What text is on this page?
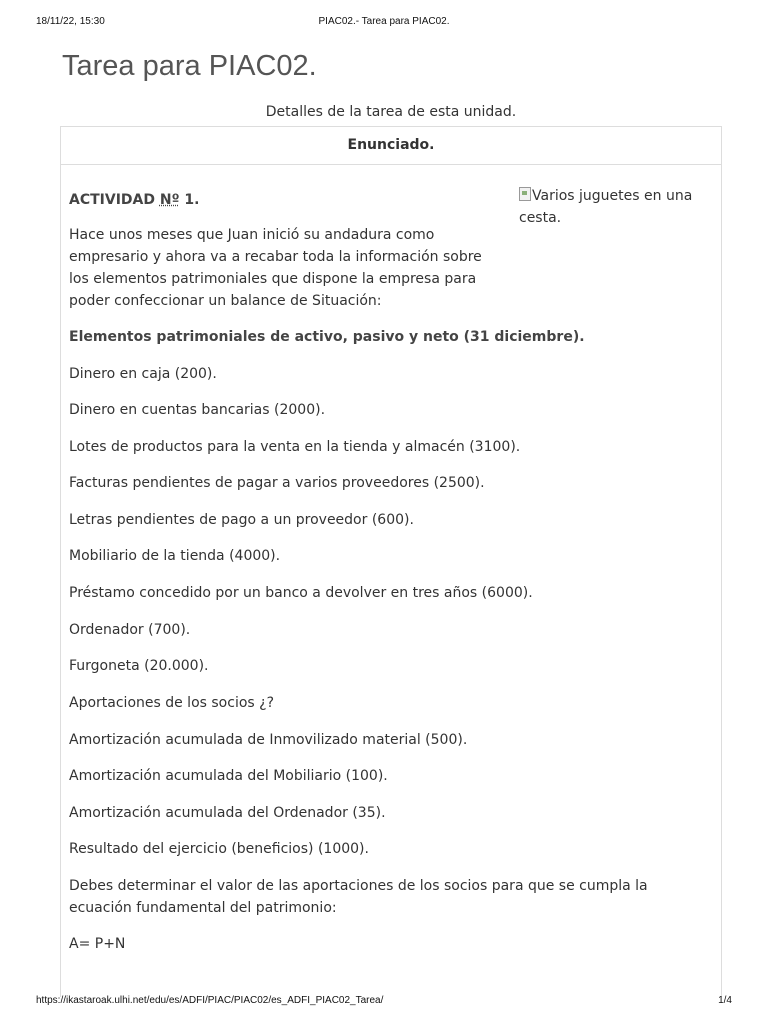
18/11/22, 15:30	PIAC02.- Tarea para PIAC02.
Tarea para PIAC02.
Detalles de la tarea de esta unidad.
Enunciado.
Varios juguetes en una cesta.

ACTIVIDAD Nº 1.

Hace unos meses que Juan inició su andadura como empresario y ahora va a recabar toda la información sobre los elementos patrimoniales que dispone la empresa para poder confeccionar un balance de Situación:

Elementos patrimoniales de activo, pasivo y neto (31 diciembre).

Dinero en caja (200).

Dinero en cuentas bancarias (2000).

Lotes de productos para la venta en la tienda y almacén (3100).

Facturas pendientes de pagar a varios proveedores (2500).

Letras pendientes de pago a un proveedor (600).

Mobiliario de la tienda (4000).

Préstamo concedido por un banco a devolver en tres años (6000).

Ordenador (700).

Furgoneta (20.000).

Aportaciones de los socios ¿?

Amortización acumulada de Inmovilizado material (500).

Amortización acumulada del Mobiliario (100).

Amortización acumulada del Ordenador (35).

Resultado del ejercicio (beneficios) (1000).

Debes determinar el valor de las aportaciones de los socios para que se cumpla la ecuación fundamental del patrimonio:

A= P+N

https://ikastaroak.ulhi.net/edu/es/ADFI/PIAC/PIAC02/es_ADFI_PIAC02_Tarea/	1/4
